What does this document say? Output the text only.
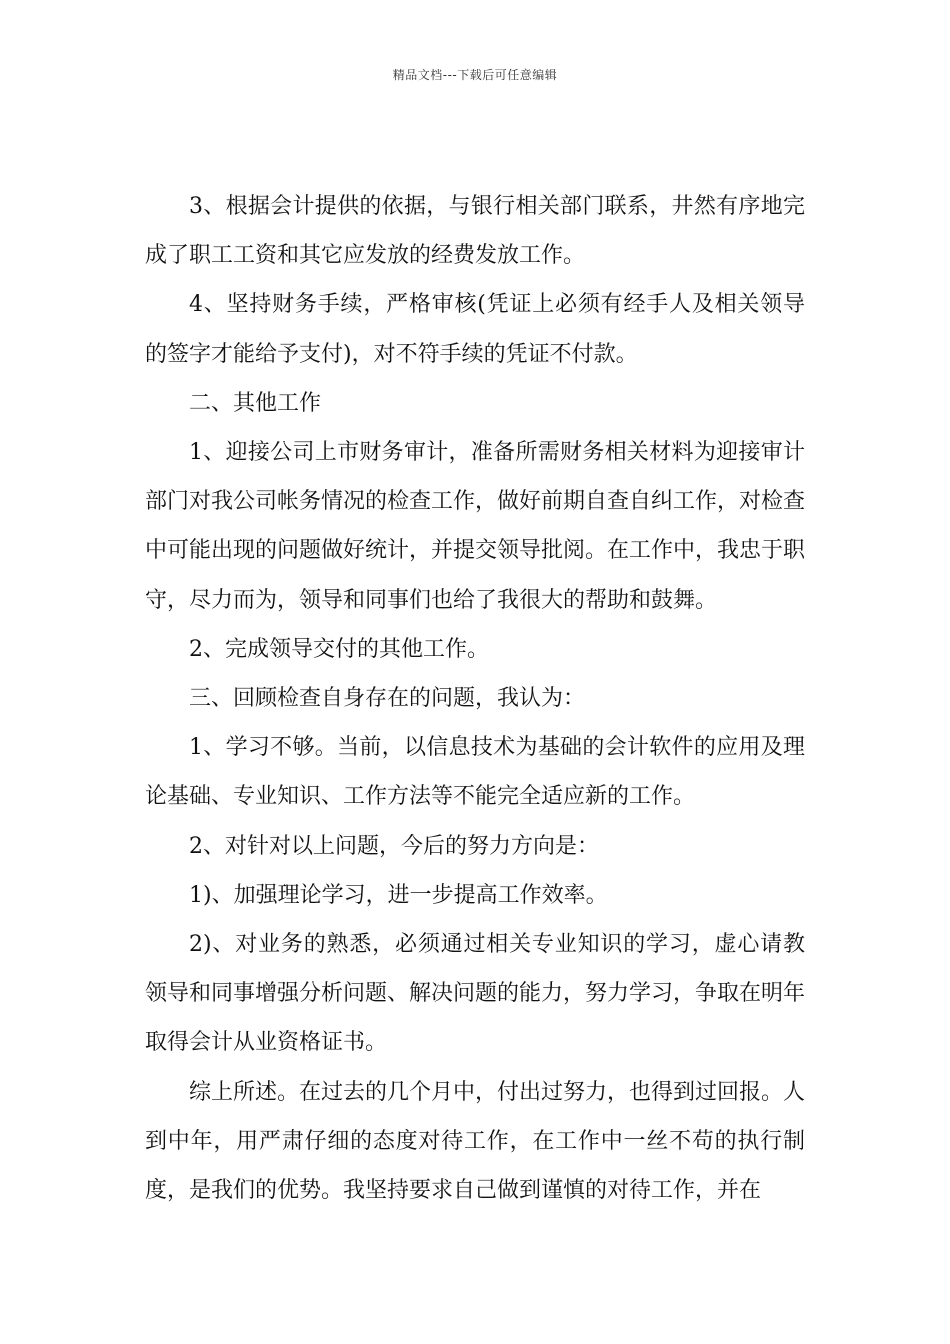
精品文档---下载后可任意编辑

3、根据会计提供的依据，与银行相关部门联系，井然有序地完成了职工工资和其它应发放的经费发放工作。

4、坚持财务手续，严格审核(凭证上必须有经手人及相关领导的签字才能给予支付)，对不符手续的凭证不付款。

二、其他工作

1、迎接公司上市财务审计，准备所需财务相关材料为迎接审计部门对我公司帐务情况的检查工作，做好前期自查自纠工作，对检查中可能出现的问题做好统计，并提交领导批阅。在工作中，我忠于职守，尽力而为，领导和同事们也给了我很大的帮助和鼓舞。

2、完成领导交付的其他工作。

三、回顾检查自身存在的问题，我认为：

1、学习不够。当前，以信息技术为基础的会计软件的应用及理论基础、专业知识、工作方法等不能完全适应新的工作。

2、对针对以上问题，今后的努力方向是：

1)、加强理论学习，进一步提高工作效率。

2)、对业务的熟悉，必须通过相关专业知识的学习，虚心请教领导和同事增强分析问题、解决问题的能力，努力学习，争取在明年取得会计从业资格证书。

综上所述。在过去的几个月中，付出过努力，也得到过回报。人到中年，用严肃仔细的态度对待工作，在工作中一丝不苟的执行制度，是我们的优势。我坚持要求自己做到谨慎的对待工作，并在
